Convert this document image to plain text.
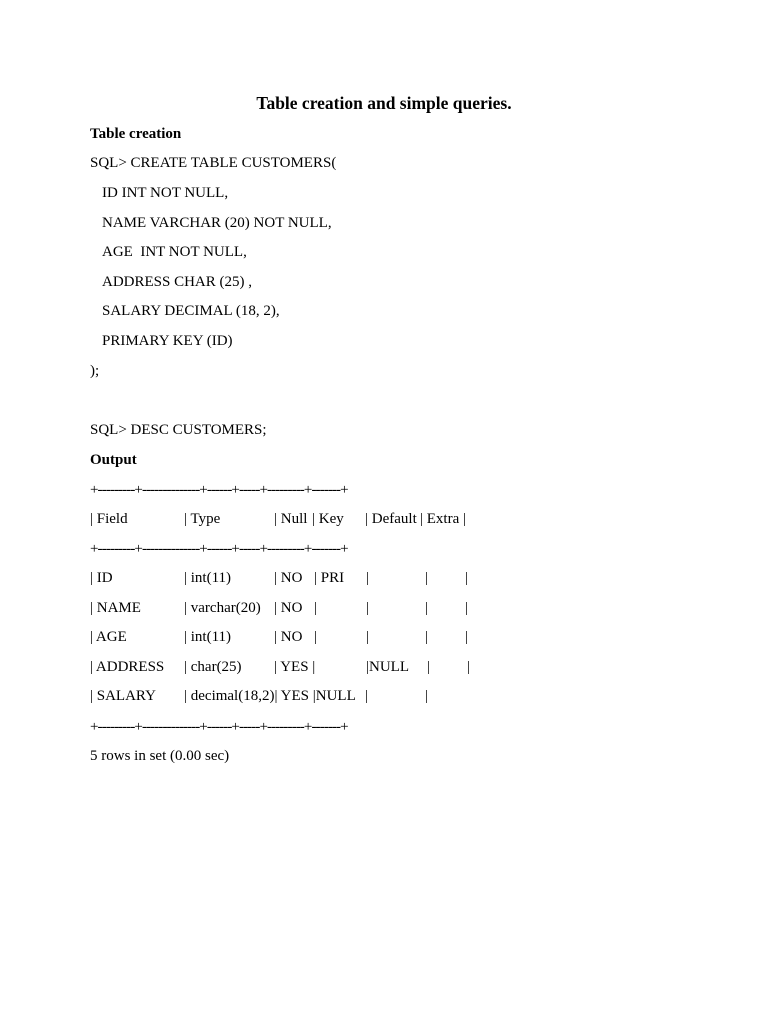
Table creation and simple queries.
Table creation
SQL> CREATE TABLE CUSTOMERS(
ID INT NOT NULL,
NAME VARCHAR (20) NOT NULL,
AGE  INT NOT NULL,
ADDRESS CHAR (25) ,
SALARY DECIMAL (18, 2),
PRIMARY KEY (ID)
);
SQL> DESC CUSTOMERS;
Output
+---------+--------------+------+-----+---------+-------+
| Field	| Type	| Null | Key | Default | Extra |
+---------+--------------+------+-----+---------+-------+
| ID	| int(11)	| NO | PRI |	| |
| NAME	| varchar(20) | NO |	|	| |
| AGE	| int(11)	| NO |	|	| |
| ADDRESS | char(25) | YES |	|NULL | |
| SALARY | decimal(18,2)| YES |NULL |	|
+---------+--------------+------+-----+---------+-------+
5 rows in set (0.00 sec)
